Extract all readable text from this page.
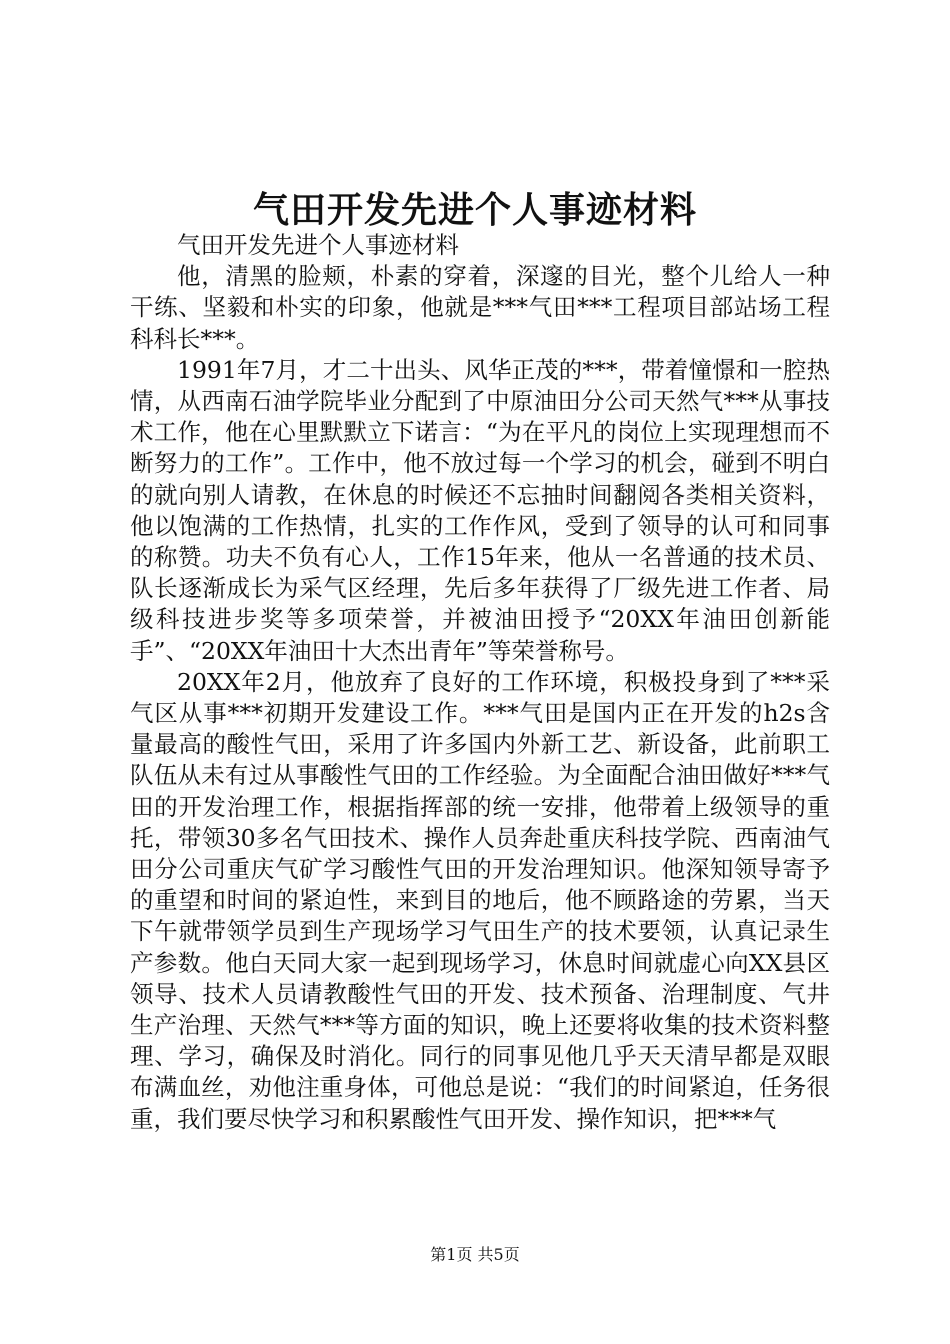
气田开发先进个人事迹材料

气田开发先进个人事迹材料

他，清黑的脸颊，朴素的穿着，深邃的目光，整个儿给人一种干练、坚毅和朴实的印象，他就是***气田***工程项目部站场工程科科长***。

1991年7月，才二十出头、风华正茂的***，带着憧憬和一腔热情，从西南石油学院毕业分配到了中原油田分公司天然气***从事技术工作，他在心里默默立下诺言：“为在平凡的岗位上实现理想而不断努力的工作”。工作中，他不放过每一个学习的机会，碰到不明白的就向别人请教，在休息的时候还不忘抽时间翻阅各类相关资料，他以饱满的工作热情，扎实的工作作风，受到了领导的认可和同事的称赞。功夫不负有心人，工作15年来，他从一名普通的技术员、队长逐渐成长为采气区经理，先后多年获得了厂级先进工作者、局级科技进步奖等多项荣誉，并被油田授予“20XX年油田创新能手”、“20XX年油田十大杰出青年”等荣誉称号。

20XX年2月，他放弃了良好的工作环境，积极投身到了***采气区从事***初期开发建设工作。***气田是国内正在开发的h2s含量最高的酸性气田，采用了许多国内外新工艺、新设备，此前职工队伍从未有过从事酸性气田的工作经验。为全面配合油田做好***气田的开发治理工作，根据指挥部的统一安排，他带着上级领导的重托，带领30多名气田技术、操作人员奔赴重庆科技学院、西南油气田分公司重庆气矿学习酸性气田的开发治理知识。他深知领导寄予的重望和时间的紧迫性，来到目的地后，他不顾路途的劳累，当天下午就带领学员到生产现场学习气田生产的技术要领，认真记录生产参数。他白天同大家一起到现场学习，休息时间就虚心向XX县区领导、技术人员请教酸性气田的开发、技术预备、治理制度、气井生产治理、天然气***等方面的知识，晚上还要将收集的技术资料整理、学习，确保及时消化。同行的同事见他几乎天天清早都是双眼布满血丝，劝他注重身体，可他总是说：“我们的时间紧迫，任务很重，我们要尽快学习和积累酸性气田开发、操作知识，把***气

第1页 共5页
